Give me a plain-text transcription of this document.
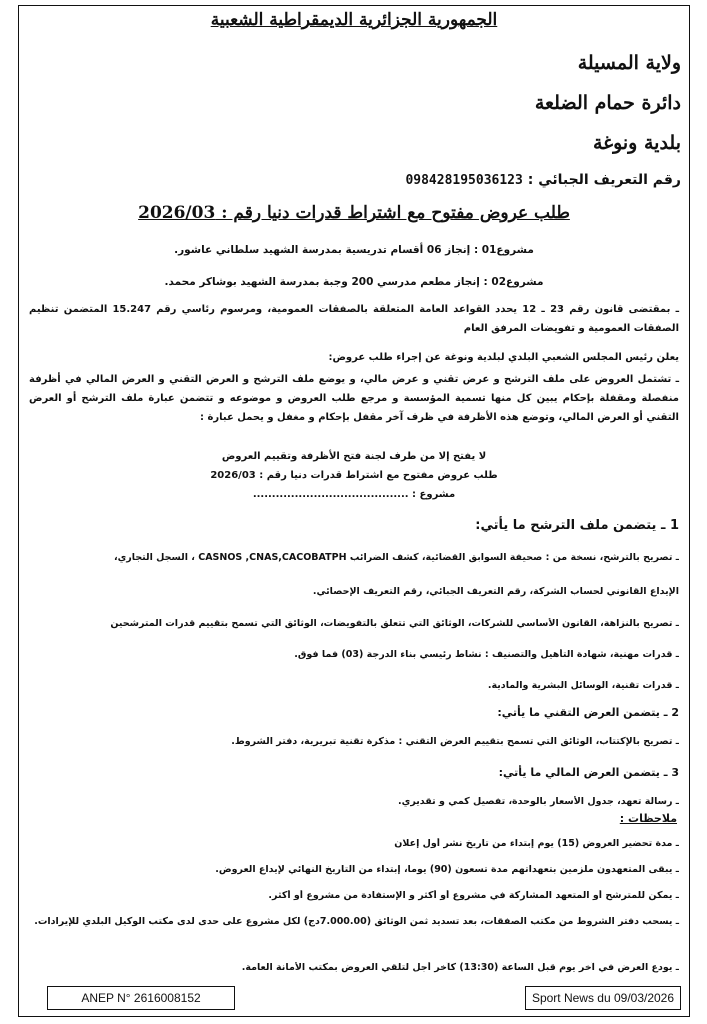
الجمهورية الجزائرية الديمقراطية الشعبية
ولاية المسيلة
دائرة حمام الضلعة
بلدية ونوغة
رقم التعريف الجبائي : 098428195036123
طلب عروض مفتوح مع اشتراط قدرات دنيا رقم : 2026/03
مشروع01 : إنجاز 06 أقسام تدريسية بمدرسة الشهيد سلطاني عاشور.
مشروع02 : إنجاز مطعم مدرسي 200 وجبة بمدرسة الشهيد بوشاكر محمد.
ـ بمقتضى قانون رقم 23 ـ 12 يحدد القواعد العامة المتعلقة بالصفقات العمومية، ومرسوم رئاسي رقم 15.247 المتضمن تنظيم الصفقات العمومية و تفويضات المرفق العام
يعلن رئيس المجلس الشعبي البلدي لبلدية ونوغة عن إجراء طلب عروض:
ـ تشتمل العروض على ملف الترشح و عرض تقني و عرض مالي، و يوضع ملف الترشح و العرض التقني و العرض المالي في أظرفة منفصلة ومقفلة بإحكام يبين كل منها تسمية المؤسسة و مرجع طلب العروض و موضوعه و تتضمن عبارة ملف الترشح أو العرض التقني أو العرض المالي، وتوضع هذه الأظرفة في ظرف آخر مقفل بإحكام و مغفل و يحمل عبارة :
لا يفتح إلا من طرف لجنة فتح الأظرفة وتقييم العروض
طلب عروض مفتوح مع اشتراط قدرات دنيا رقم : 2026/03
مشروع : .........................................
1 ـ يتضمن ملف الترشح ما يأتي:
ـ تصريح بالترشح، نسخة من : صحيفة السوابق القضائية، كشف الضرائب CASNOS ,CNAS,CACOBATPH ، السجل التجاري،
الإيداع القانوني لحساب الشركة، رقم التعريف الجبائي، رقم التعريف الإحصائي.
ـ تصريح بالنزاهة، القانون الأساسي للشركات، الوثائق التي تتعلق بالتفويضات، الوثائق التي تسمح بتقييم قدرات المترشحين
ـ قدرات مهنية، شهادة التأهيل والتصنيف : نشاط رئيسي بناء الدرجة (03) فما فوق.
ـ قدرات تقنية، الوسائل البشرية والمادية.
2 ـ يتضمن العرض التقني ما يأتي:
ـ تصريح بالإكتتاب، الوثائق التي تسمح بتقييم العرض التقني : مذكرة تقنية تبريرية، دفتر الشروط.
3 ـ يتضمن العرض المالي ما يأتي:
ـ رسالة تعهد، جدول الأسعار بالوحدة، تفصيل كمي و تقديري.
ملاحظات :
ـ مدة تحضير العروض (15) يوم إبتداء من تاريخ نشر أول إعلان
ـ يبقى المتعهدون ملزمين بتعهداتهم مدة تسعون (90) يوما، إبتداء من التاريخ النهائي لإيداع العروض.
ـ يمكن للمترشح أو المتعهد المشاركة في مشروع أو أكثر و الإستفادة من مشروع أو أكثر.
ـ يسحب دفتر الشروط من مكتب الصفقات، بعد تسديد ثمن الوثائق (7.000.00دج) لكل مشروع على حدى لدى مكتب الوكيل البلدي للإيرادات.
ـ يودع العرض في آخر يوم قبل الساعة (13:30) كآخر أجل لتلقي العروض بمكتب الأمانة العامة.
ANEP N° 2616008152	Sport News du 09/03/2026
